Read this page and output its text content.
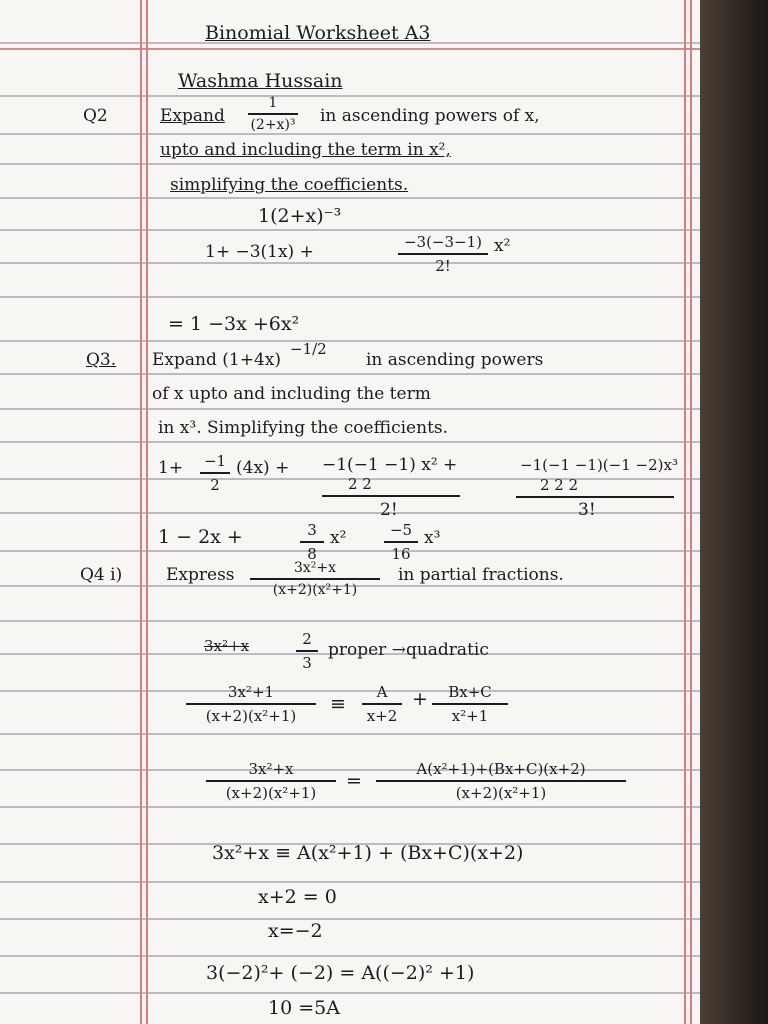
Binomial Worksheet A3
Washma Hussain
Q2	Expand
1
(2+x)³ in ascending powers of x,
upto and including the term in x²,
simplifying the coefficients.
1(2+x)⁻³
1+ −3(1x) +	−3(−3−1)
2!
x²
= 1 −3x +6x²
Q3. Expand (1+4x)
−1/2
in ascending powers
of x upto and including the term
in x³. Simplifying the coefficients.
1+ −1
2
(4x) + −1(−1 −1) x² +
2 2
2!
−1(−1 −1)(−1 −2)x³
2 2 2
3!
1 − 2x +	3
8
x²	−5
16
x³
Q4 i)	Express	3x²+x
(x+2)(x²+1)
in partial fractions.
3x²+x	2
3
proper →quadratic
3x²+1
(x+2)(x²+1)
≡
A
x+2
+	Bx+C
x²+1
3x²+x
(x+2)(x²+1)
=
A(x²+1)+(Bx+C)(x+2)
(x+2)(x²+1)
3x²+x ≡ A(x²+1) + (Bx+C)(x+2)
x+2 = 0
x=−2
3(−2)²+ (−2) = A((−2)² +1)
10 =5A
